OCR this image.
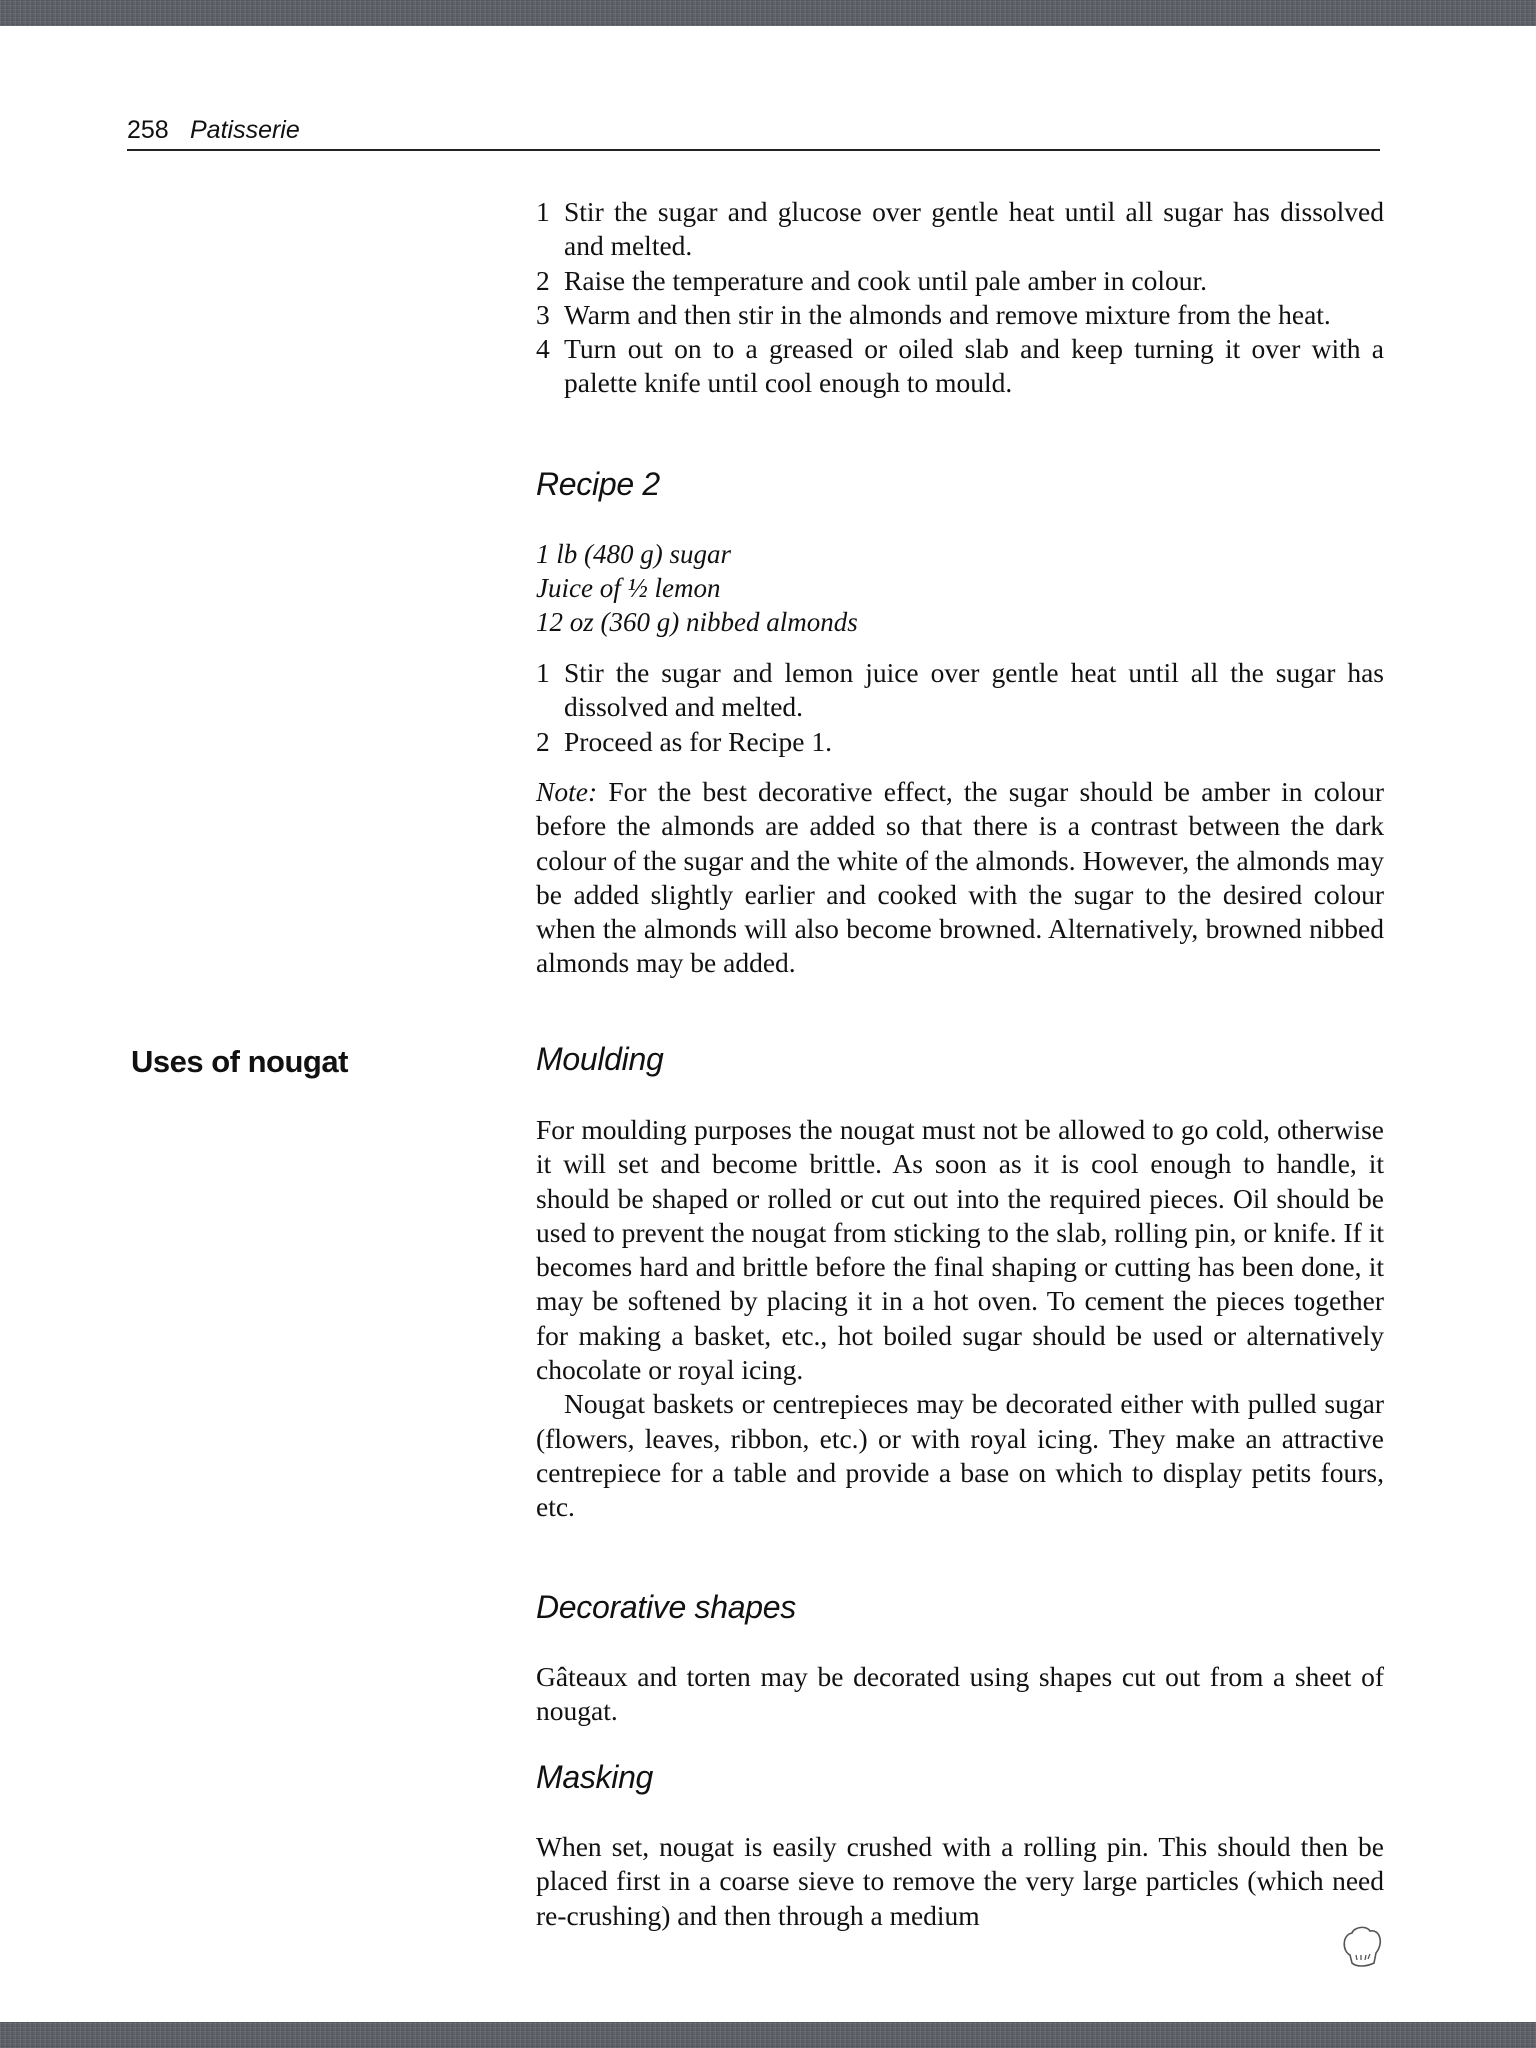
258 Patisserie
1 Stir the sugar and glucose over gentle heat until all sugar has dissolved and melted.
2 Raise the temperature and cook until pale amber in colour.
3 Warm and then stir in the almonds and remove mixture from the heat.
4 Turn out on to a greased or oiled slab and keep turning it over with a palette knife until cool enough to mould.
Recipe 2
1 lb (480 g) sugar
Juice of ½ lemon
12 oz (360 g) nibbed almonds
1 Stir the sugar and lemon juice over gentle heat until all the sugar has dissolved and melted.
2 Proceed as for Recipe 1.

Note: For the best decorative effect, the sugar should be amber in colour before the almonds are added so that there is a contrast between the dark colour of the sugar and the white of the almonds. However, the almonds may be added slightly earlier and cooked with the sugar to the desired colour when the almonds will also become browned. Alternatively, browned nibbed almonds may be added.

Uses of nougat	Moulding

For moulding purposes the nougat must not be allowed to go cold, otherwise it will set and become brittle. As soon as it is cool enough to handle, it should be shaped or rolled or cut out into the required pieces. Oil should be used to prevent the nougat from sticking to the slab, rolling pin, or knife. If it becomes hard and brittle before the final shaping or cutting has been done, it may be softened by placing it in a hot oven. To cement the pieces together for making a basket, etc., hot boiled sugar should be used or alternatively chocolate or royal icing.

Nougat baskets or centrepieces may be decorated either with pulled sugar (flowers, leaves, ribbon, etc.) or with royal icing. They make an attractive centrepiece for a table and provide a base on which to display petits fours, etc.

Decorative shapes

Gâteaux and torten may be decorated using shapes cut out from a sheet of nougat.

Masking

When set, nougat is easily crushed with a rolling pin. This should then be placed first in a coarse sieve to remove the very large particles (which need re-crushing) and then through a medium
